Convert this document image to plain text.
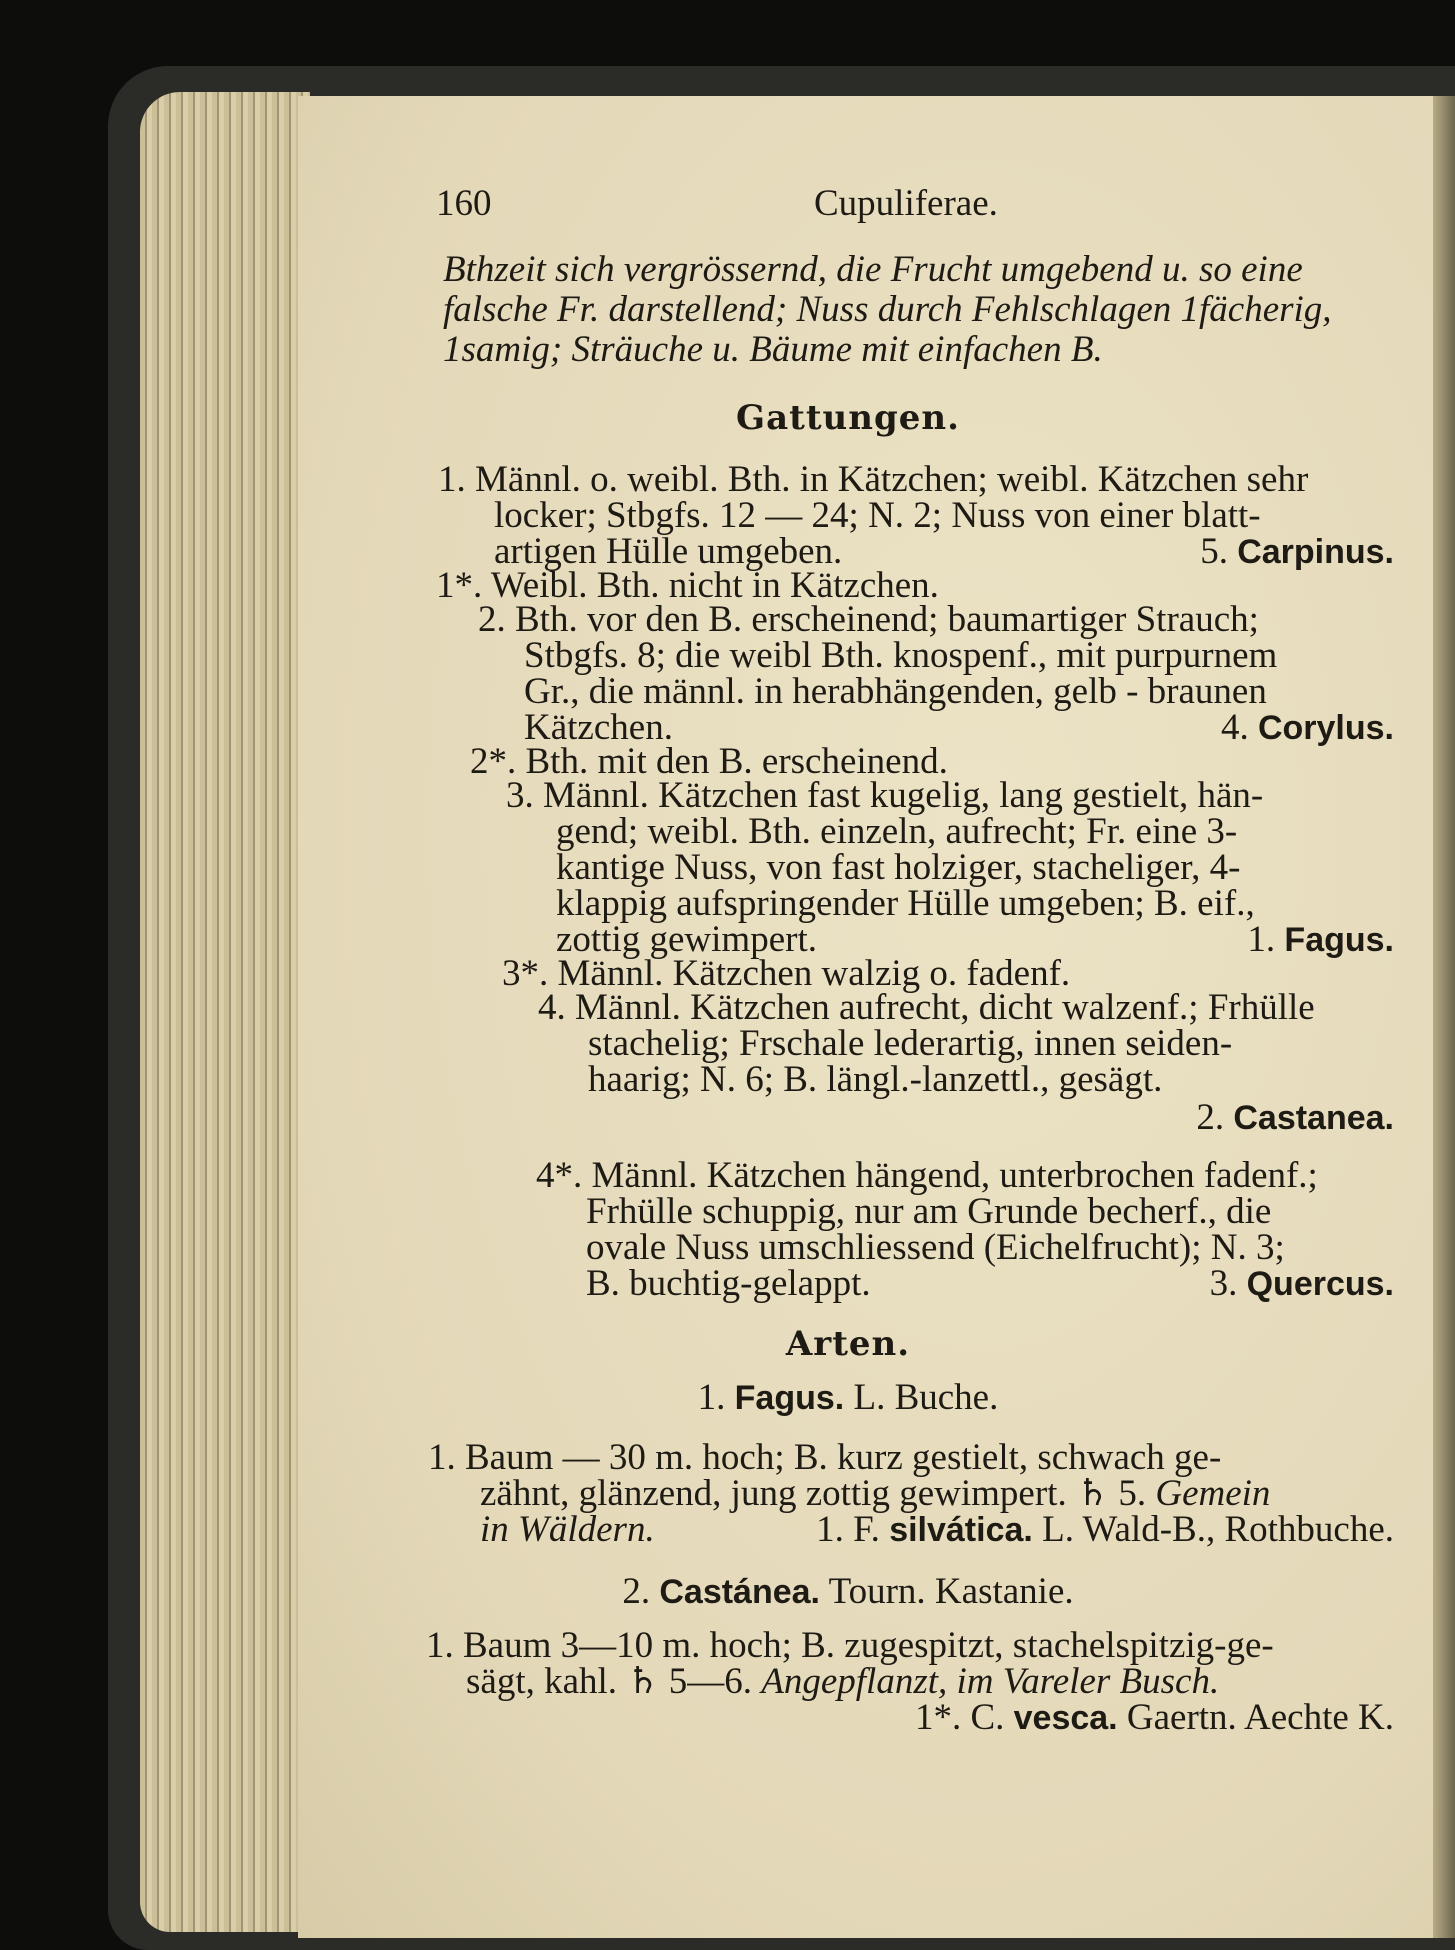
160	Cupuliferae.
Bthzeit sich vergrössernd, die Frucht umgebend u. so eine
falsche Fr. darstellend; Nuss durch Fehlschlagen 1fächerig,
1samig; Sträuche u. Bäume mit einfachen B.
Gattungen.
1. Männl. o. weibl. Bth. in Kätzchen; weibl. Kätzchen sehr
locker; Stbgfs. 12 — 24; N. 2; Nuss von einer blatt-
artigen Hülle umgeben.	5. Carpinus.
1*. Weibl. Bth. nicht in Kätzchen.
2. Bth. vor den B. erscheinend; baumartiger Strauch;
Stbgfs. 8; die weibl Bth. knospenf., mit purpurnem
Gr., die männl. in herabhängenden, gelb - braunen
Kätzchen.	4. Corylus.
2*. Bth. mit den B. erscheinend.
3. Männl. Kätzchen fast kugelig, lang gestielt, hän-
gend; weibl. Bth. einzeln, aufrecht; Fr. eine 3-
kantige Nuss, von fast holziger, stacheliger, 4-
klappig aufspringender Hülle umgeben; B. eif.,
zottig gewimpert.	1. Fagus.
3*. Männl. Kätzchen walzig o. fadenf.
4. Männl. Kätzchen aufrecht, dicht walzenf.; Frhülle
stachelig; Frschale lederartig, innen seiden-
haarig; N. 6; B. längl.-lanzettl., gesägt.
2. Castanea.
4*. Männl. Kätzchen hängend, unterbrochen fadenf.;
Frhülle schuppig, nur am Grunde becherf., die
ovale Nuss umschliessend (Eichelfrucht); N. 3;
B. buchtig-gelappt.	3. Quercus.
Arten.
1. Fagus. L. Buche.
1. Baum — 30 m. hoch; B. kurz gestielt, schwach ge-
zähnt, glänzend, jung zottig gewimpert. ♄ 5. Gemein
in Wäldern.	1. F. silvática. L. Wald-B., Rothbuche.
2. Castánea. Tourn. Kastanie.
1. Baum 3—10 m. hoch; B. zugespitzt, stachelspitzig-ge-
sägt, kahl. ♄ 5—6. Angepflanzt, im Vareler Busch.
1*. C. vesca. Gaertn. Aechte K.
